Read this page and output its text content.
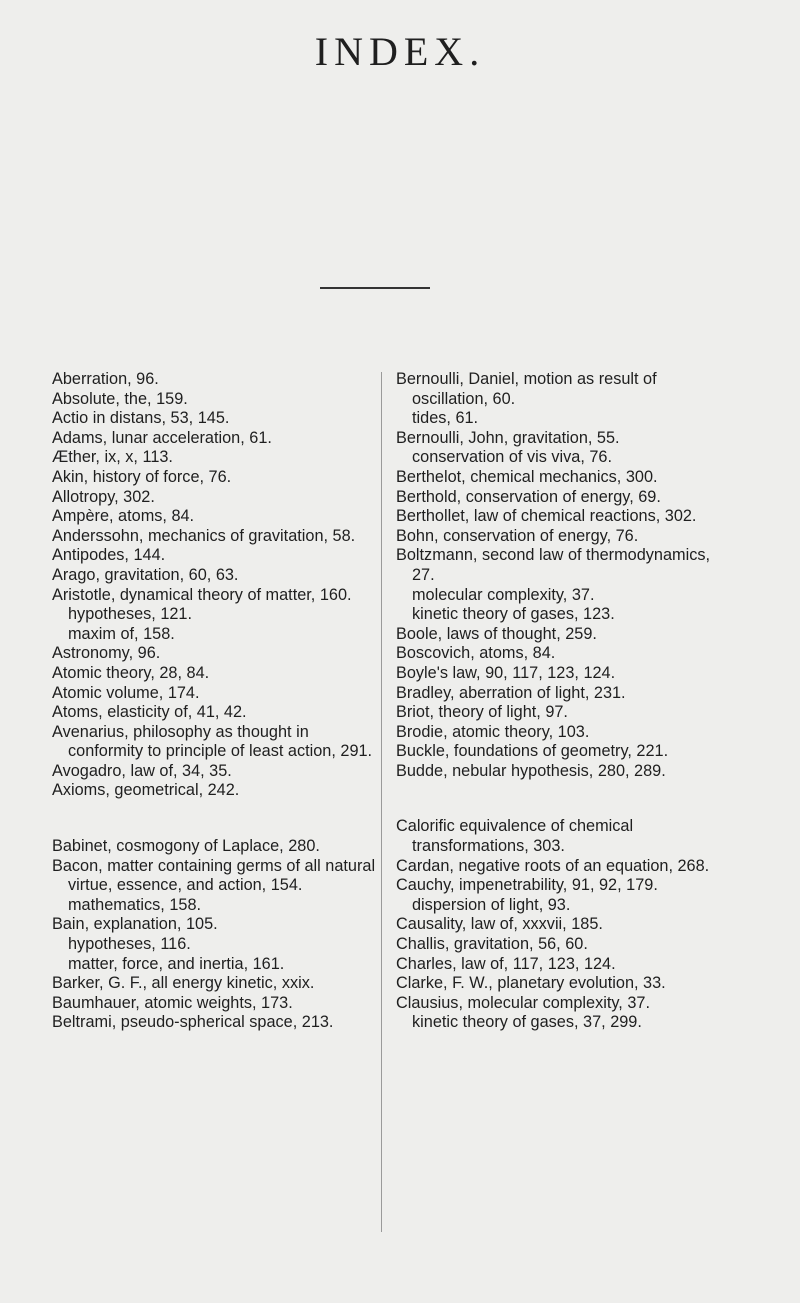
INDEX.

Aberration, 96.

Absolute, the, 159.

Actio in distans, 53, 145.

Adams, lunar acceleration, 61.

Æther, ix, x, 113.

Akin, history of force, 76.

Allotropy, 302.

Ampère, atoms, 84.

Anderssohn, mechanics of gravitation, 58.

Antipodes, 144.

Arago, gravitation, 60, 63.

Aristotle, dynamical theory of matter, 160.

hypotheses, 121.

maxim of, 158.

Astronomy, 96.

Atomic theory, 28, 84.

Atomic volume, 174.

Atoms, elasticity of, 41, 42.

Avenarius, philosophy as thought in conformity to principle of least action, 291.

Avogadro, law of, 34, 35.

Axioms, geometrical, 242.

Babinet, cosmogony of Laplace, 280.

Bacon, matter containing germs of all natural virtue, essence, and action, 154.

mathematics, 158.

Bain, explanation, 105.

hypotheses, 116.

matter, force, and inertia, 161.

Barker, G. F., all energy kinetic, xxix.

Baumhauer, atomic weights, 173.

Beltrami, pseudo-spherical space, 213.

Bernoulli, Daniel, motion as result of oscillation, 60.

tides, 61.

Bernoulli, John, gravitation, 55.

conservation of vis viva, 76.

Berthelot, chemical mechanics, 300.

Berthold, conservation of energy, 69.

Berthollet, law of chemical reactions, 302.

Bohn, conservation of energy, 76.

Boltzmann, second law of thermodynamics, 27.

molecular complexity, 37.

kinetic theory of gases, 123.

Boole, laws of thought, 259.

Boscovich, atoms, 84.

Boyle's law, 90, 117, 123, 124.

Bradley, aberration of light, 231.

Briot, theory of light, 97.

Brodie, atomic theory, 103.

Buckle, foundations of geometry, 221.

Budde, nebular hypothesis, 280, 289.

Calorific equivalence of chemical transformations, 303.

Cardan, negative roots of an equation, 268.

Cauchy, impenetrability, 91, 92, 179.

dispersion of light, 93.

Causality, law of, xxxvii, 185.

Challis, gravitation, 56, 60.

Charles, law of, 117, 123, 124.

Clarke, F. W., planetary evolution, 33.

Clausius, molecular complexity, 37.

kinetic theory of gases, 37, 299.
